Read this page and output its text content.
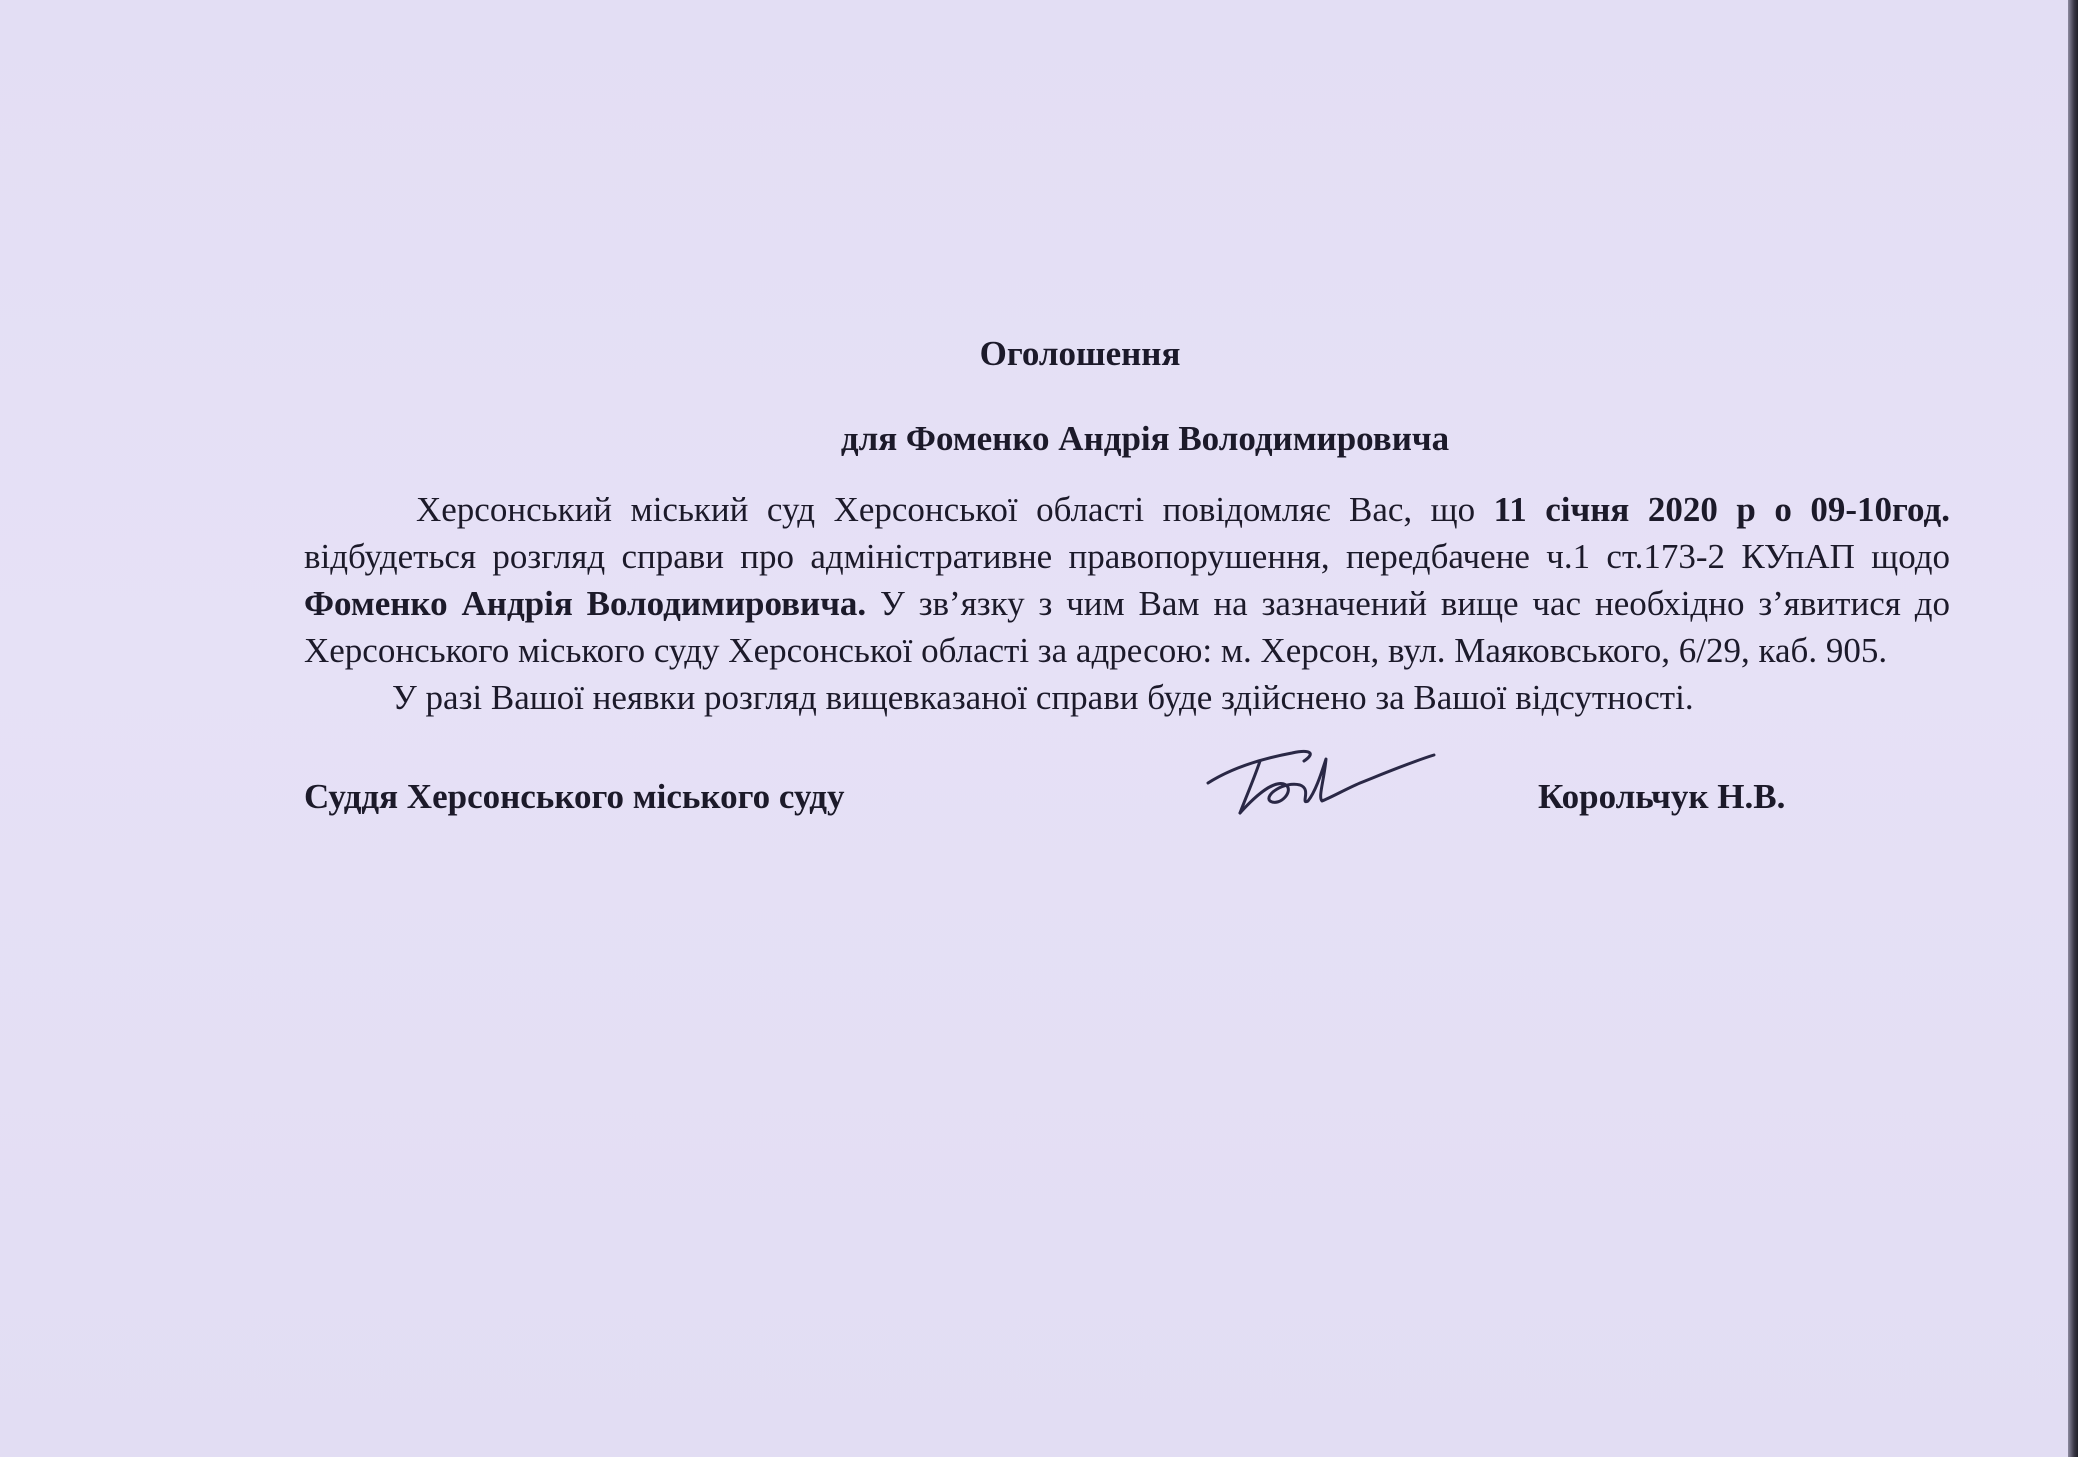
Оголошення
для Фоменко Андрія Володимировича

Херсонський міський суд Херсонської області повідомляє Вас, що 11 січня 2020 р о 09-10год. відбудеться розгляд справи про адміністративне правопорушення, передбачене ч.1 ст.173-2 КУпАП щодо Фоменко Андрія Володимировича. У зв’язку з чим Вам на зазначений вище час необхідно з’явитися до Херсонського міського суду Херсонської області за адресою: м. Херсон, вул. Маяковського, 6/29, каб. 905.

У разі Вашої неявки розгляд вищевказаної справи буде здійснено за Вашої відсутності.

Суддя Херсонського міського суду	Корольчук Н.В.
